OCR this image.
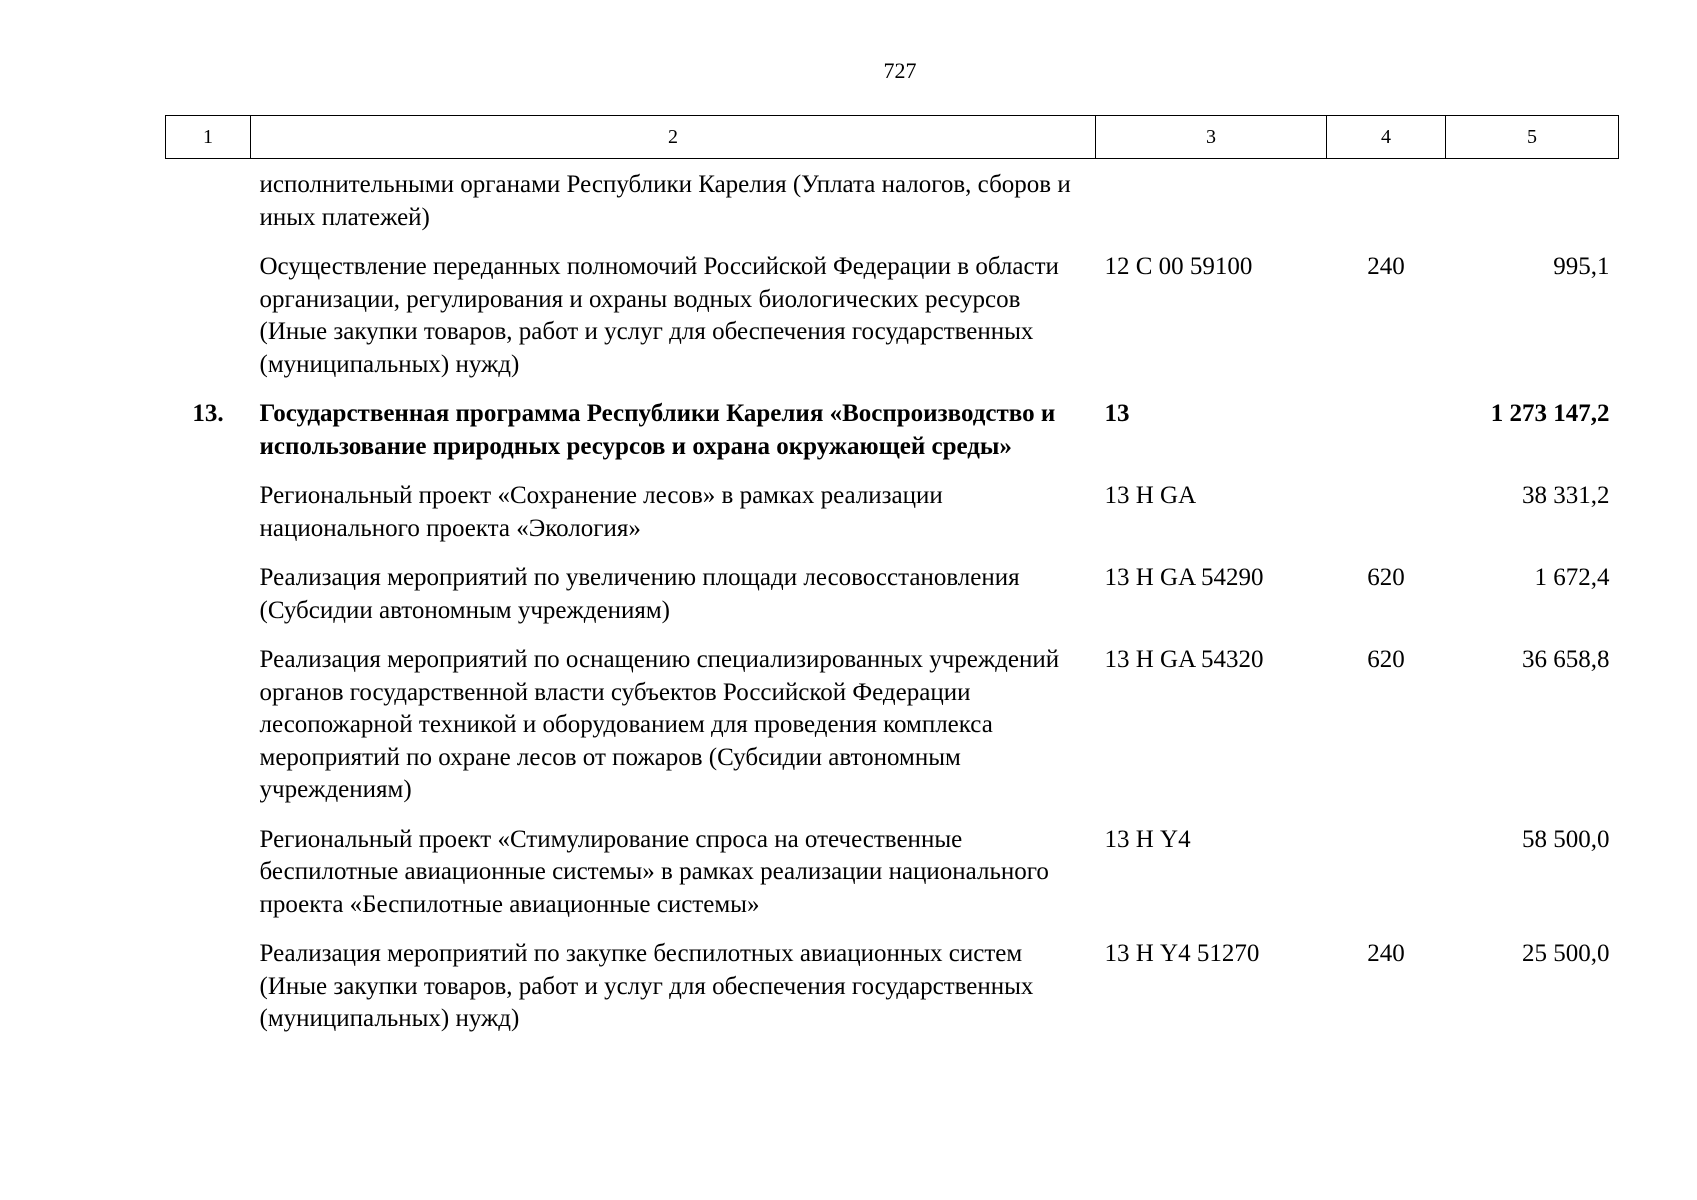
727
1	2	3	4	5
	исполнительными органами Республики Карелия (Уплата налогов, сборов и иных платежей)			
	Осуществление переданных полномочий Российской Федерации в области организации, регулирования и охраны водных биологических ресурсов (Иные закупки товаров, работ и услуг для обеспечения государственных (муниципальных) нужд)	12 С 00 59100	240	995,1
13.	Государственная программа Республики Карелия «Воспроизводство и использование природных ресурсов и охрана окружающей среды»	13		1 273 147,2
	Региональный проект «Сохранение лесов» в рамках реализации национального проекта «Экология»	13 Н GA		38 331,2
	Реализация мероприятий по увеличению площади лесовосстановления (Субсидии автономным учреждениям)	13 Н GA 54290	620	1 672,4
	Реализация мероприятий по оснащению специализированных учреждений органов государственной власти субъектов Российской Федерации лесопожарной техникой и оборудованием для проведения комплекса мероприятий по охране лесов от пожаров (Субсидии автономным учреждениям)	13 Н GA 54320	620	36 658,8
	Региональный проект «Стимулирование спроса на отечественные беспилотные авиационные системы» в рамках реализации национального проекта «Беспилотные авиационные системы»	13 Н Y4		58 500,0
	Реализация мероприятий по закупке беспилотных авиационных систем (Иные закупки товаров, работ и услуг для обеспечения государственных (муниципальных) нужд)	13 Н Y4 51270	240	25 500,0
